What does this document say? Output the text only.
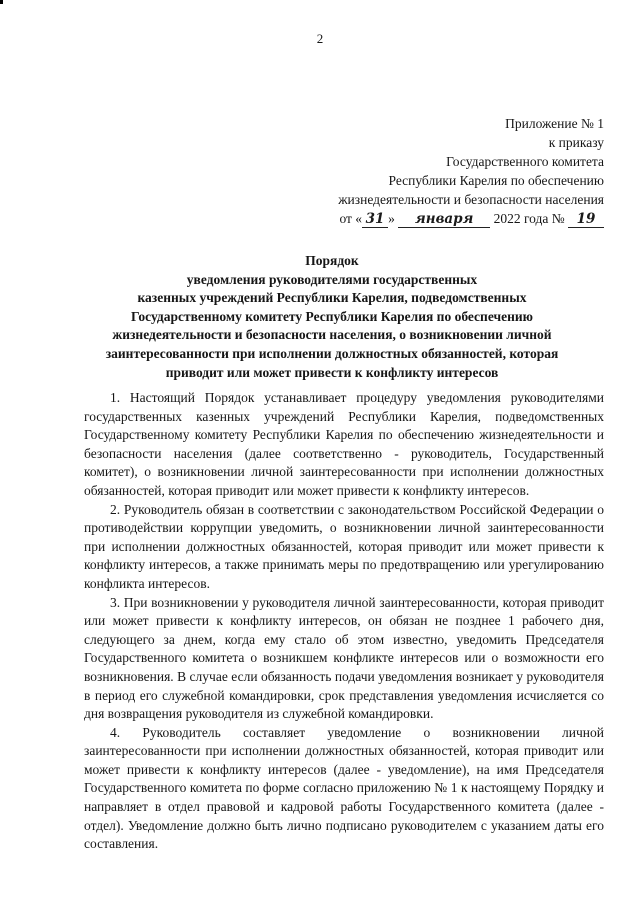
2
Приложение № 1
к приказу
Государственного комитета
Республики Карелия по обеспечению
жизнедеятельности и безопасности населения
от « 31 » января 2022 года № 19
Порядок
уведомления руководителями государственных
казенных учреждений Республики Карелия, подведомственных
Государственному комитету Республики Карелия по обеспечению
жизнедеятельности и безопасности населения, о возникновении личной
заинтересованности при исполнении должностных обязанностей, которая
приводит или может привести к конфликту интересов

1. Настоящий Порядок устанавливает процедуру уведомления руководителями государственных казенных учреждений Республики Карелия, подведомственных Государственному комитету Республики Карелия по обеспечению жизнедеятельности и безопасности населения (далее соответственно - руководитель, Государственный комитет), о возникновении личной заинтересованности при исполнении должностных обязанностей, которая приводит или может привести к конфликту интересов.

2. Руководитель обязан в соответствии с законодательством Российской Федерации о противодействии коррупции уведомить, о возникновении личной заинтересованности при исполнении должностных обязанностей, которая приводит или может привести к конфликту интересов, а также принимать меры по предотвращению или урегулированию конфликта интересов.

3. При возникновении у руководителя личной заинтересованности, которая приводит или может привести к конфликту интересов, он обязан не позднее 1 рабочего дня, следующего за днем, когда ему стало об этом известно, уведомить Председателя Государственного комитета о возникшем конфликте интересов или о возможности его возникновения. В случае если обязанность подачи уведомления возникает у руководителя в период его служебной командировки, срок представления уведомления исчисляется со дня возвращения руководителя из служебной командировки.

4. Руководитель составляет уведомление о возникновении личной заинтересованности при исполнении должностных обязанностей, которая приводит или может привести к конфликту интересов (далее - уведомление), на имя Председателя Государственного комитета по форме согласно приложению № 1 к настоящему Порядку и направляет в отдел правовой и кадровой работы Государственного комитета (далее - отдел). Уведомление должно быть лично подписано руководителем с указанием даты его составления.
